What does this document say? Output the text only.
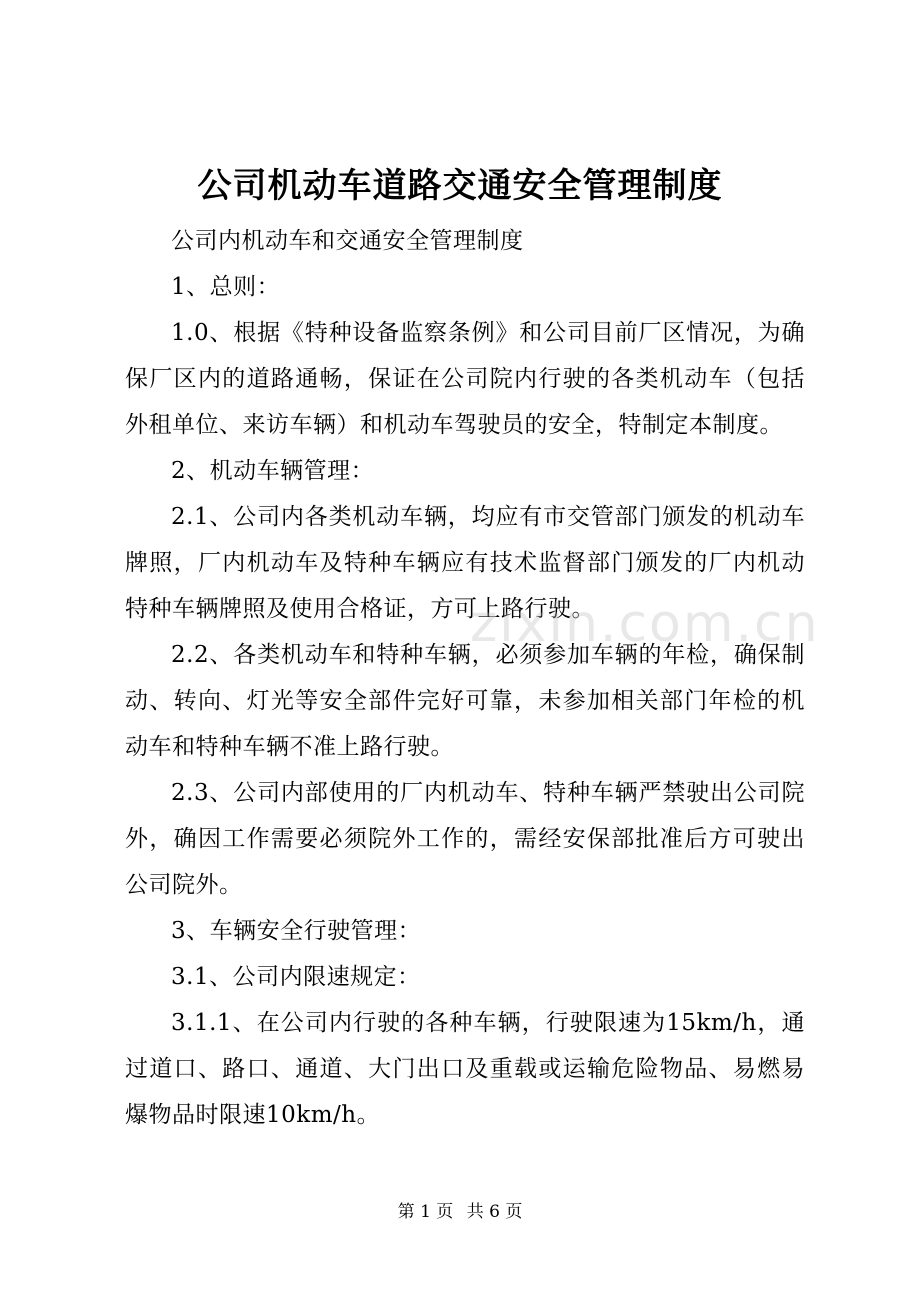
公司机动车道路交通安全管理制度

公司内机动车和交通安全管理制度

1、总则：

1.0、根据《特种设备监察条例》和公司目前厂区情况，为确保厂区内的道路通畅，保证在公司院内行驶的各类机动车（包括外租单位、来访车辆）和机动车驾驶员的安全，特制定本制度。

2、机动车辆管理：

2.1、公司内各类机动车辆，均应有市交管部门颁发的机动车牌照，厂内机动车及特种车辆应有技术监督部门颁发的厂内机动特种车辆牌照及使用合格证，方可上路行驶。

2.2、各类机动车和特种车辆，必须参加车辆的年检，确保制动、转向、灯光等安全部件完好可靠，未参加相关部门年检的机动车和特种车辆不准上路行驶。

2.3、公司内部使用的厂内机动车、特种车辆严禁驶出公司院外，确因工作需要必须院外工作的，需经安保部批准后方可驶出公司院外。

3、车辆安全行驶管理：

3.1、公司内限速规定：

3.1.1、在公司内行驶的各种车辆，行驶限速为15km/h，通过道口、路口、通道、大门出口及重载或运输危险物品、易燃易爆物品时限速10km/h。

zixin.com.cn
第 1 页 共 6 页
